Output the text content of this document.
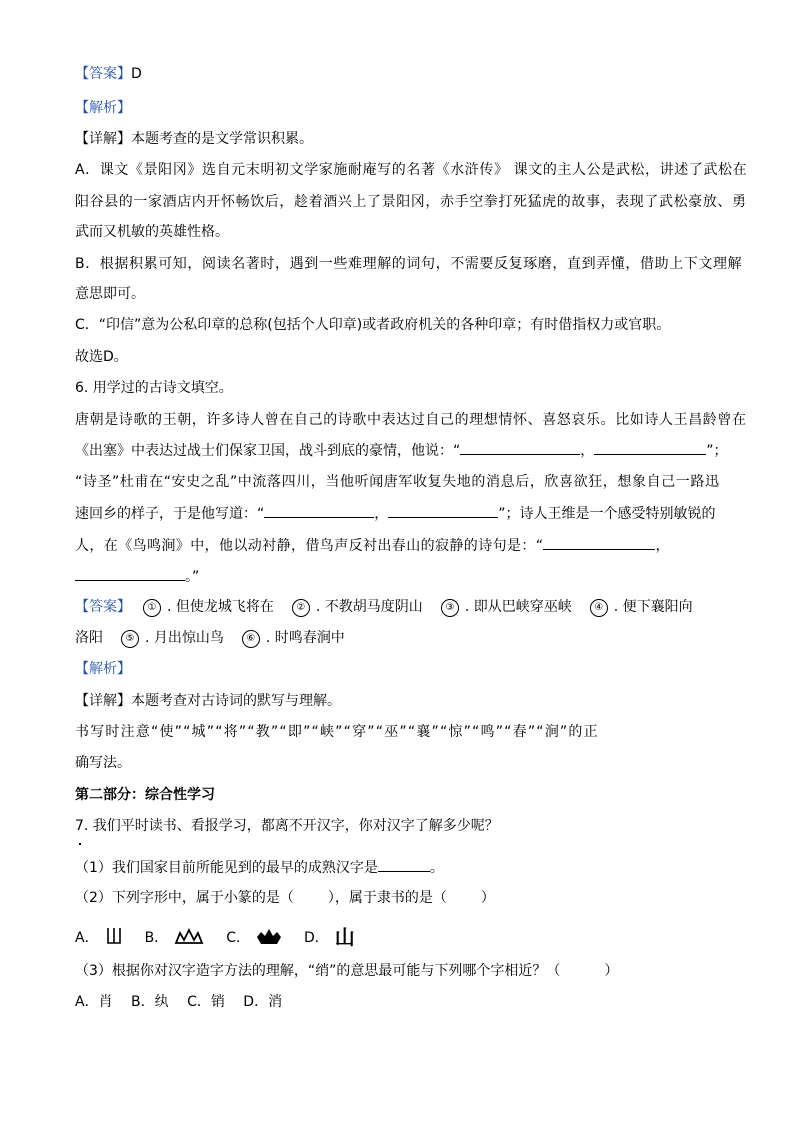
【答案】D
【解析】
【详解】本题考查的是文学常识积累。
A．课文《景阳冈》选自元末明初文学家施耐庵写的名著《水浒传》 课文的主人公是武松，讲述了武松在
阳谷县的一家酒店内开怀畅饮后，趁着酒兴上了景阳冈，赤手空拳打死猛虎的故事，表现了武松豪放、勇
武而又机敏的英雄性格。
B．根据积累可知，阅读名著时，遇到一些难理解的词句，不需要反复琢磨，直到弄懂，借助上下文理解
意思即可。
C．“印信”意为公私印章的总称(包括个人印章)或者政府机关的各种印章；有时借指权力或官职。
故选D。
6. 用学过的古诗文填空。
唐朝是诗歌的王朝，许多诗人曾在自己的诗歌中表达过自己的理想情怀、喜怒哀乐。比如诗人王昌龄曾在
《出塞》中表达过战士们保家卫国，战斗到底的豪情，他说：“	，	”；
“诗圣”杜甫在“安史之乱”中流落四川，当他听闻唐军收复失地的消息后，欣喜欲狂，想象自己一路迅
速回乡的样子，于是他写道：“	，	”；诗人王维是一个感受特别敏锐的
人，在《鸟鸣涧》中，他以动衬静，借鸟声反衬出春山的寂静的诗句是：“	，
。”
【答案】 ① . 但使龙城飞将在 ② . 不教胡马度阴山 ③ . 即从巴峡穿巫峡 ④ . 便下襄阳向
洛阳 ⑤ . 月出惊山鸟 ⑥ . 时鸣春涧中
【解析】
【详解】本题考查对古诗词的默写与理解。
书写时注意“使”“城”“将”“教”“即”“峡”“穿”“巫”“襄”“惊”“鸣”“春”“涧”的正
确写法。
第二部分：综合性学习
7. 我们平时读书、看报学习，都离不开汉字，你对汉字了解多少呢？
（1）我们国家目前所能见到的最早的成熟汉字是	。
（2）下列字形中，属于小篆的是（ ），属于隶书的是（ ）
A．	B．	C．	D． 山
（3）根据你对汉字造字方法的理解，“绡”的意思最可能与下列哪个字相近？（	）
A．肖　 B．纨　 C．销　 D．消
